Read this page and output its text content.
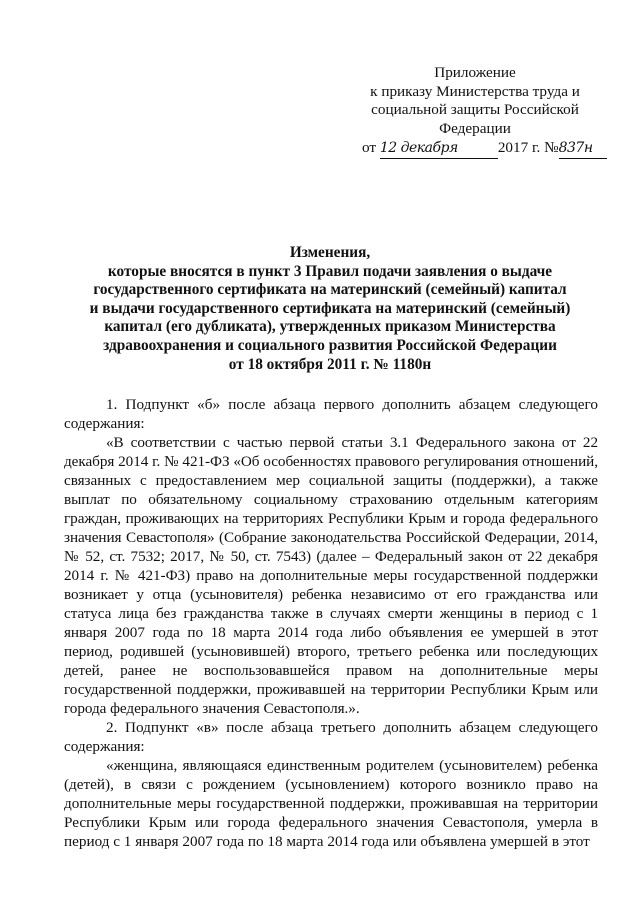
Приложение
к приказу Министерства труда и
социальной защиты Российской
Федерации
от 12 декабря	2017 г. №837н
Изменения,
которые вносятся в пункт 3 Правил подачи заявления о выдаче
государственного сертификата на материнский (семейный) капитал
и выдачи государственного сертификата на материнский (семейный)
капитал (его дубликата), утвержденных приказом Министерства
здравоохранения и социального развития Российской Федерации
от 18 октября 2011 г. № 1180н

1. Подпункт «б» после абзаца первого дополнить абзацем следующего содержания:

«В соответствии с частью первой статьи 3.1 Федерального закона от 22 декабря 2014 г. № 421-ФЗ «Об особенностях правового регулирования отношений, связанных с предоставлением мер социальной защиты (поддержки), а также выплат по обязательному социальному страхованию отдельным категориям граждан, проживающих на территориях Республики Крым и города федерального значения Севастополя» (Собрание законодательства Российской Федерации, 2014, № 52, ст. 7532; 2017, № 50, ст. 7543) (далее – Федеральный закон от 22 декабря 2014 г. № 421-ФЗ) право на дополнительные меры государственной поддержки возникает у отца (усыновителя) ребенка независимо от его гражданства или статуса лица без гражданства также в случаях смерти женщины в период с 1 января 2007 года по 18 марта 2014 года либо объявления ее умершей в этот период, родившей (усыновившей) второго, третьего ребенка или последующих детей, ранее не воспользовавшейся правом на дополнительные меры государственной поддержки, проживавшей на территории Республики Крым или города федерального значения Севастополя.».

2. Подпункт «в» после абзаца третьего дополнить абзацем следующего содержания:

«женщина, являющаяся единственным родителем (усыновителем) ребенка (детей), в связи с рождением (усыновлением) которого возникло право на дополнительные меры государственной поддержки, проживавшая на территории Республики Крым или города федерального значения Севастополя, умерла в период с 1 января 2007 года по 18 марта 2014 года или объявлена умершей в этот
